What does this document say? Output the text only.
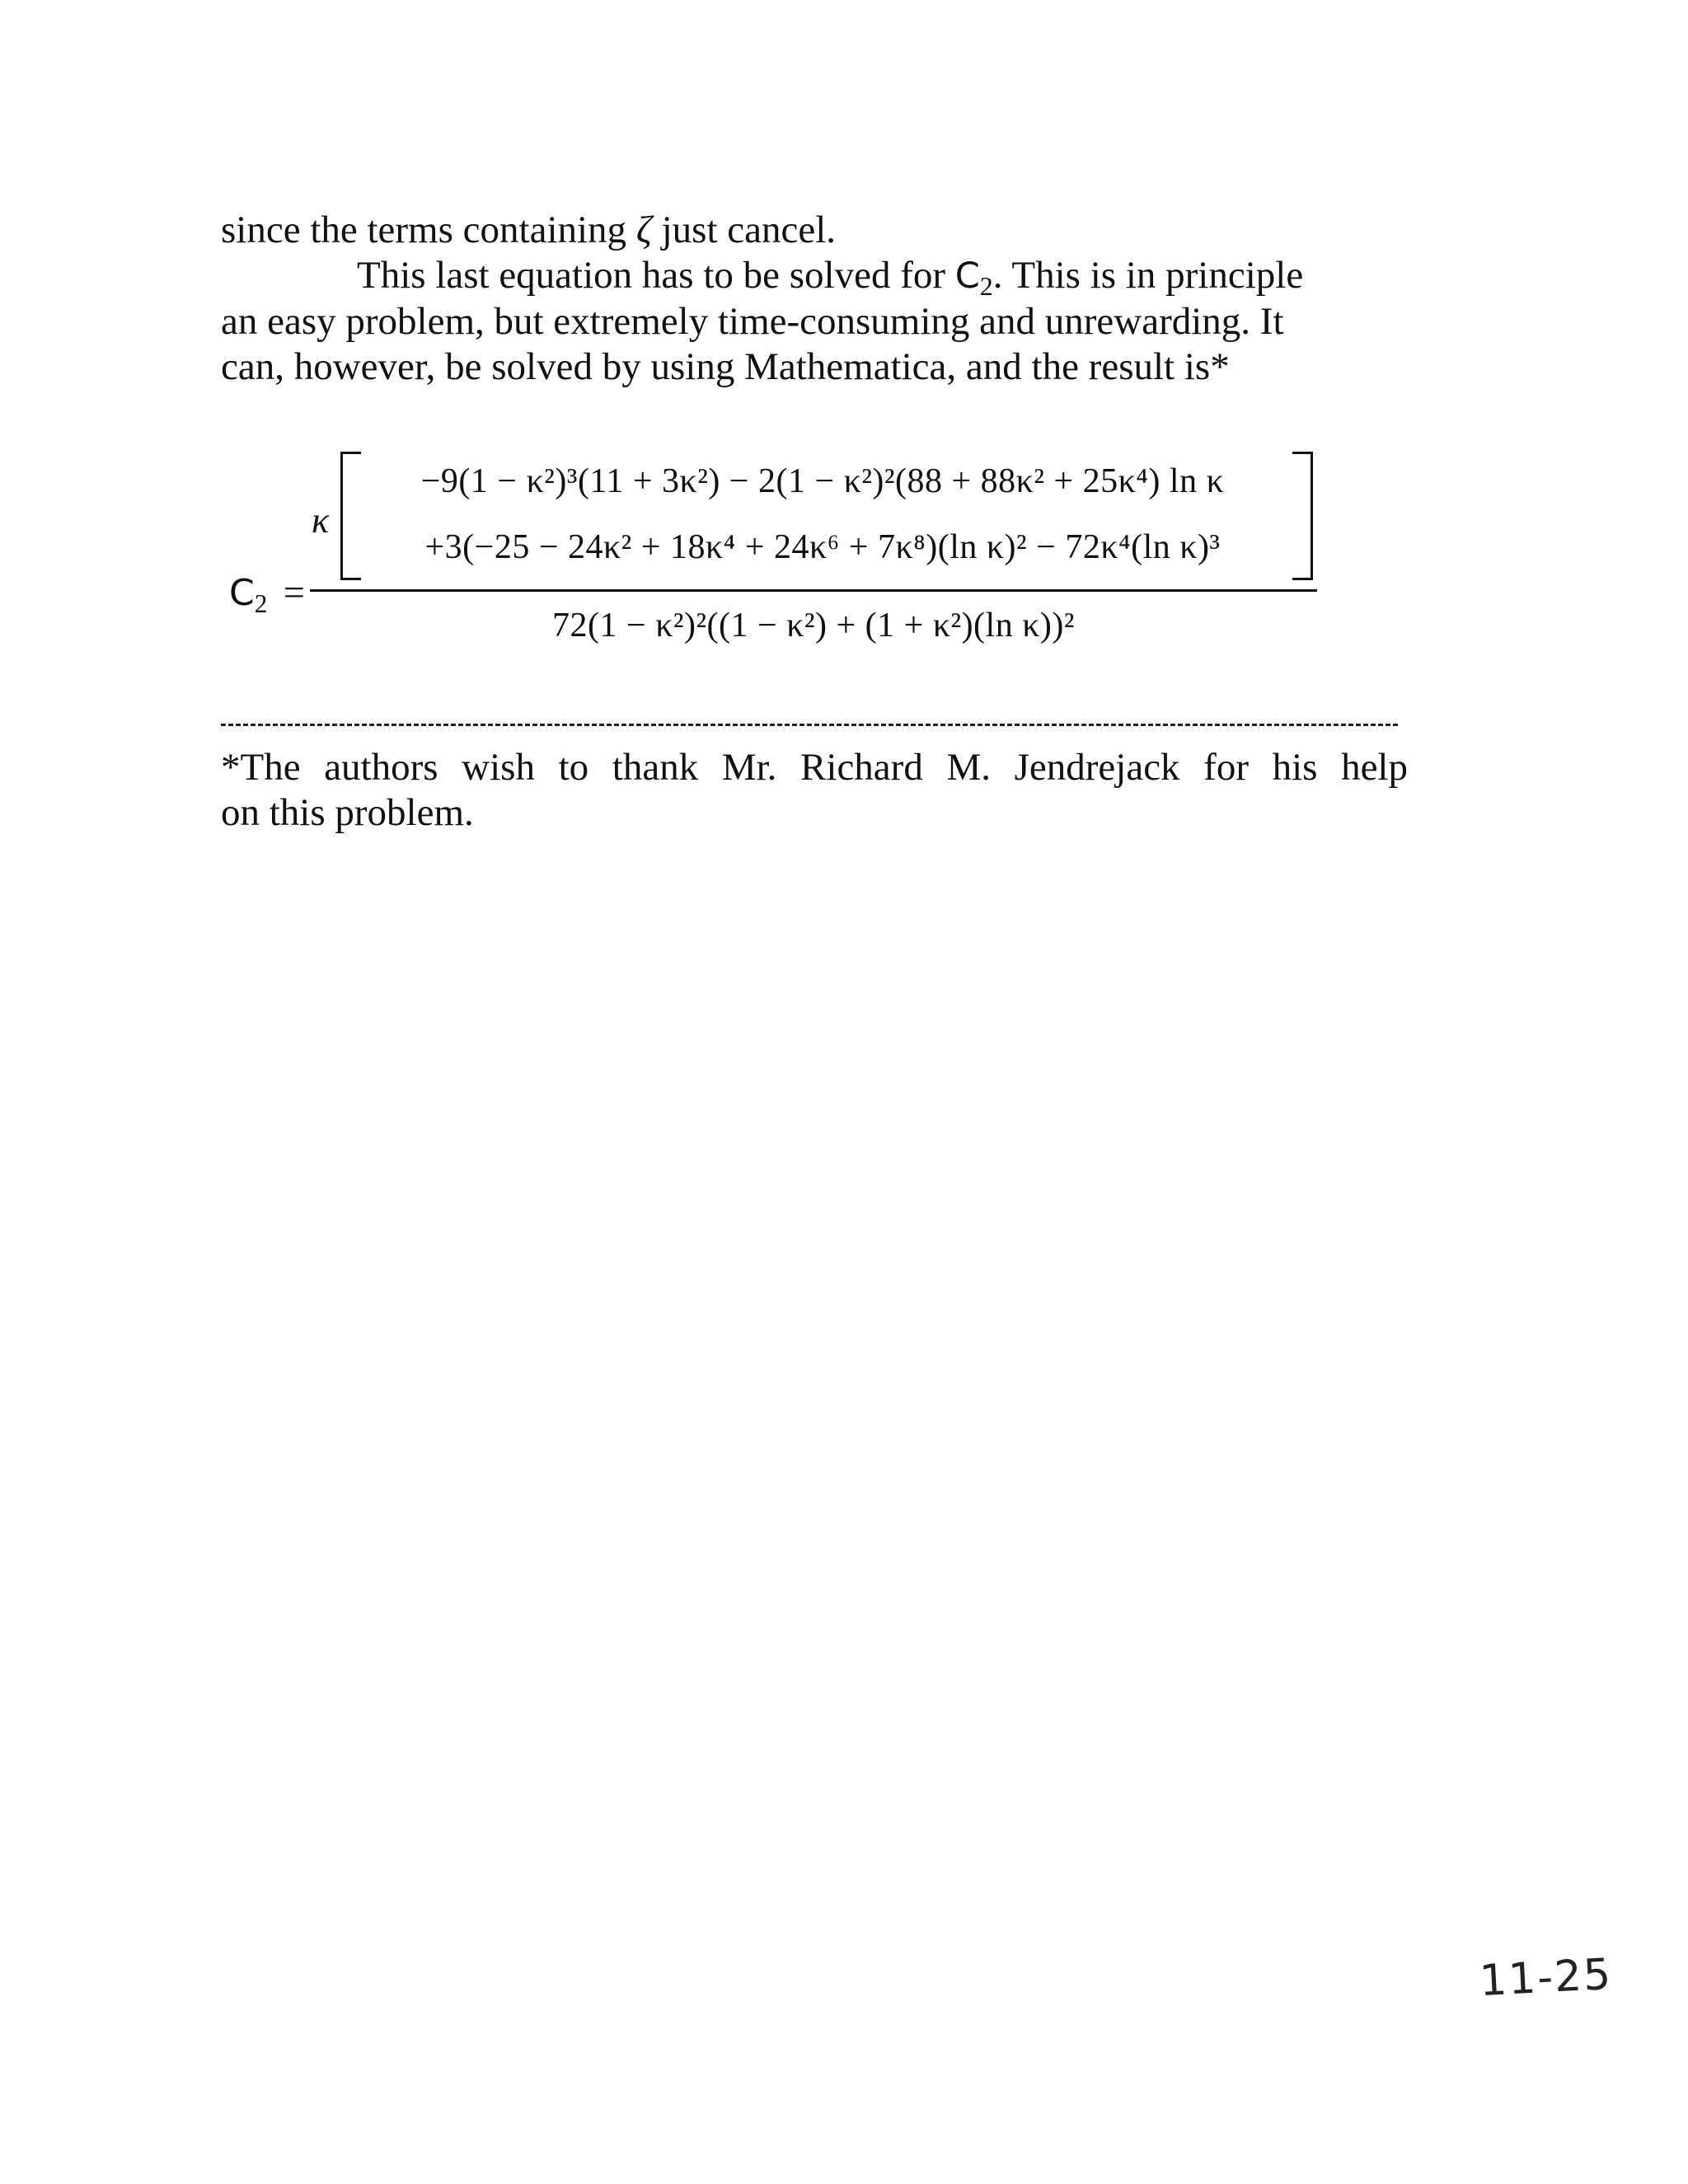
since the terms containing ζ just cancel.

This last equation has to be solved for $C_2$. This is in principle

an easy problem, but extremely time-consuming and unrewarding. It

can, however, be solved by using Mathematica, and the result is*

$C_2$ =
κ
−9(1 − κ²)³(11 + 3κ²) − 2(1 − κ²)²(88 + 88κ² + 25κ⁴) ln κ
+3(−25 − 24κ² + 18κ⁴ + 24κ⁶ + 7κ⁸)(ln κ)² − 72κ⁴(ln κ)³
72(1 − κ²)²((1 − κ²) + (1 + κ²)(ln κ))²

*The authors wish to thank Mr. Richard M. Jendrejack for his help

on this problem.

11-25
